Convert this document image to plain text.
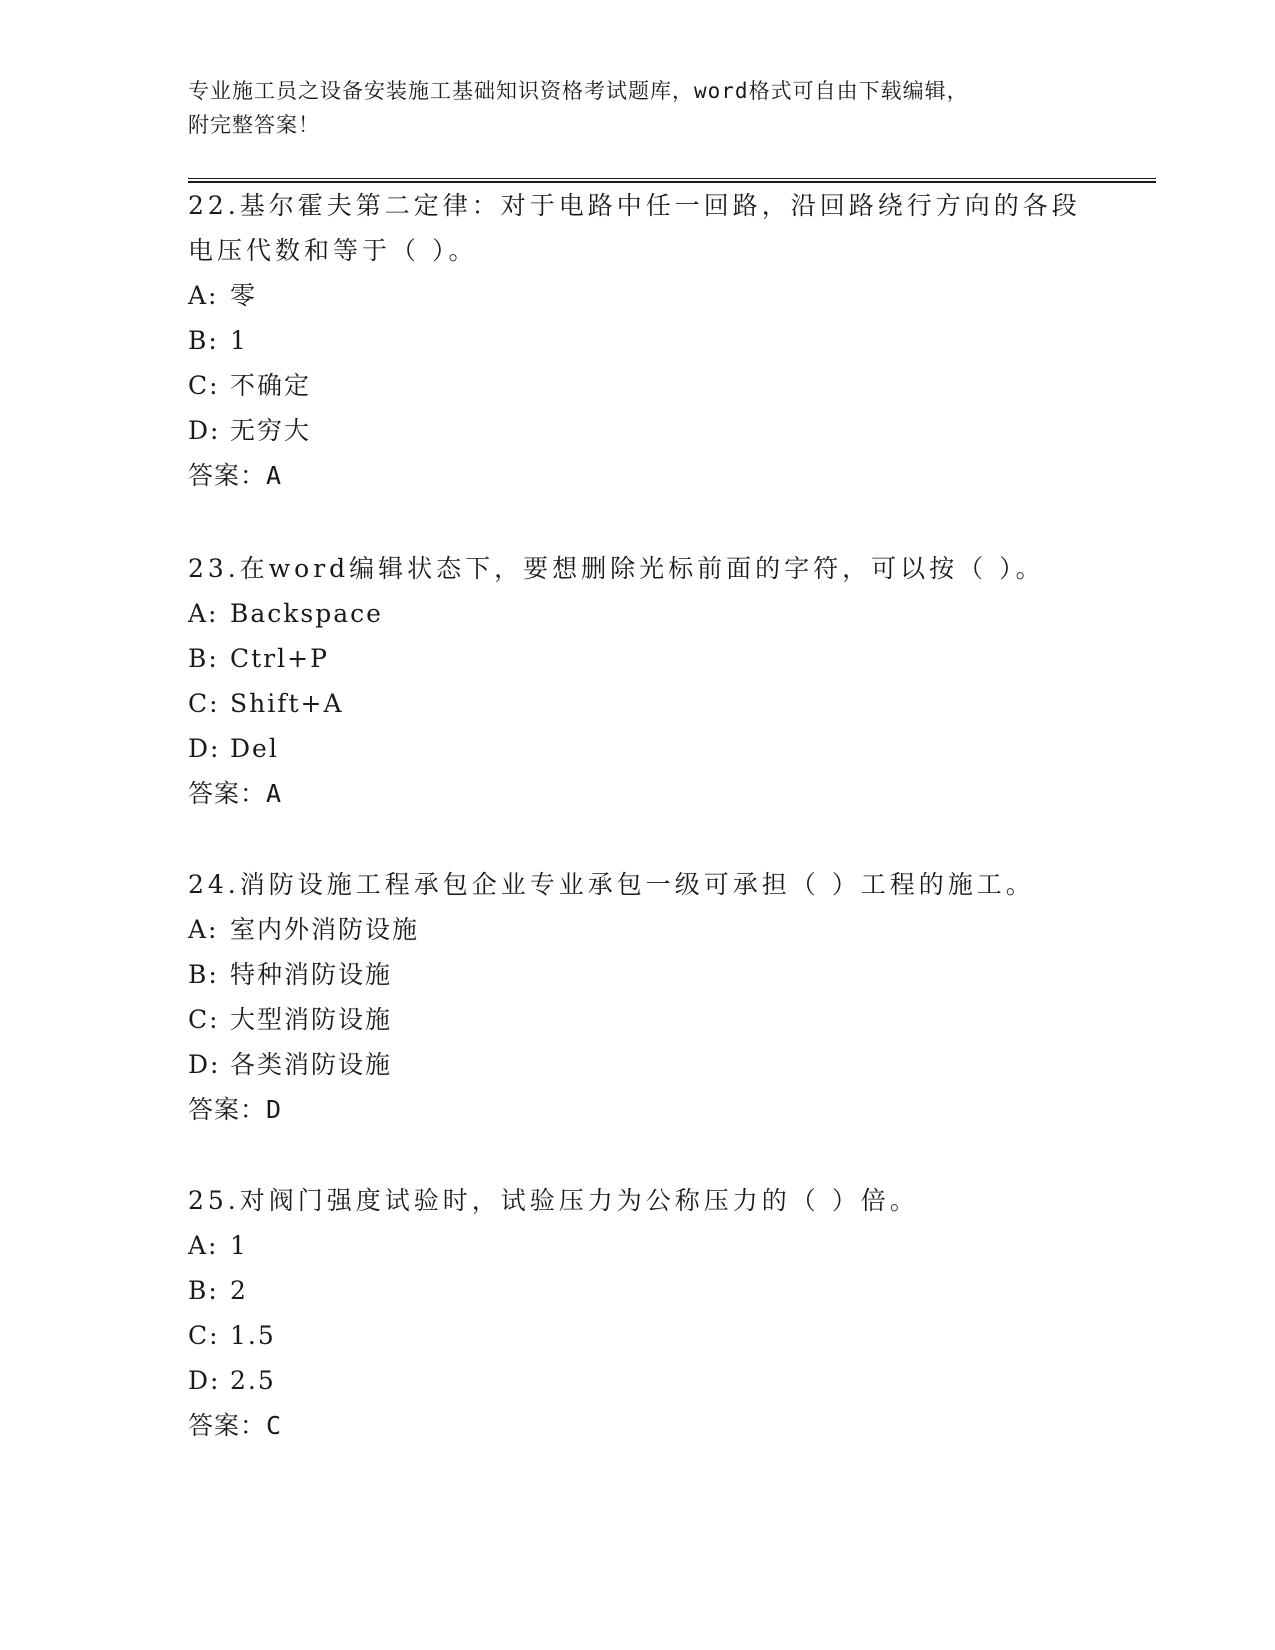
专业施工员之设备安装施工基础知识资格考试题库，word格式可自由下载编辑，
附完整答案！
22.基尔霍夫第二定律：对于电路中任一回路，沿回路绕行方向的各段
电压代数和等于（ ）。
A: 零
B: 1
C: 不确定
D: 无穷大
答案：A
23.在word编辑状态下，要想删除光标前面的字符，可以按（ ）。
A: Backspace
B: Ctrl+P
C: Shift+A
D: Del
答案：A
24.消防设施工程承包企业专业承包一级可承担（ ）工程的施工。
A: 室内外消防设施
B: 特种消防设施
C: 大型消防设施
D: 各类消防设施
答案：D
25.对阀门强度试验时，试验压力为公称压力的（ ）倍。
A: 1
B: 2
C: 1.5
D: 2.5
答案：C
